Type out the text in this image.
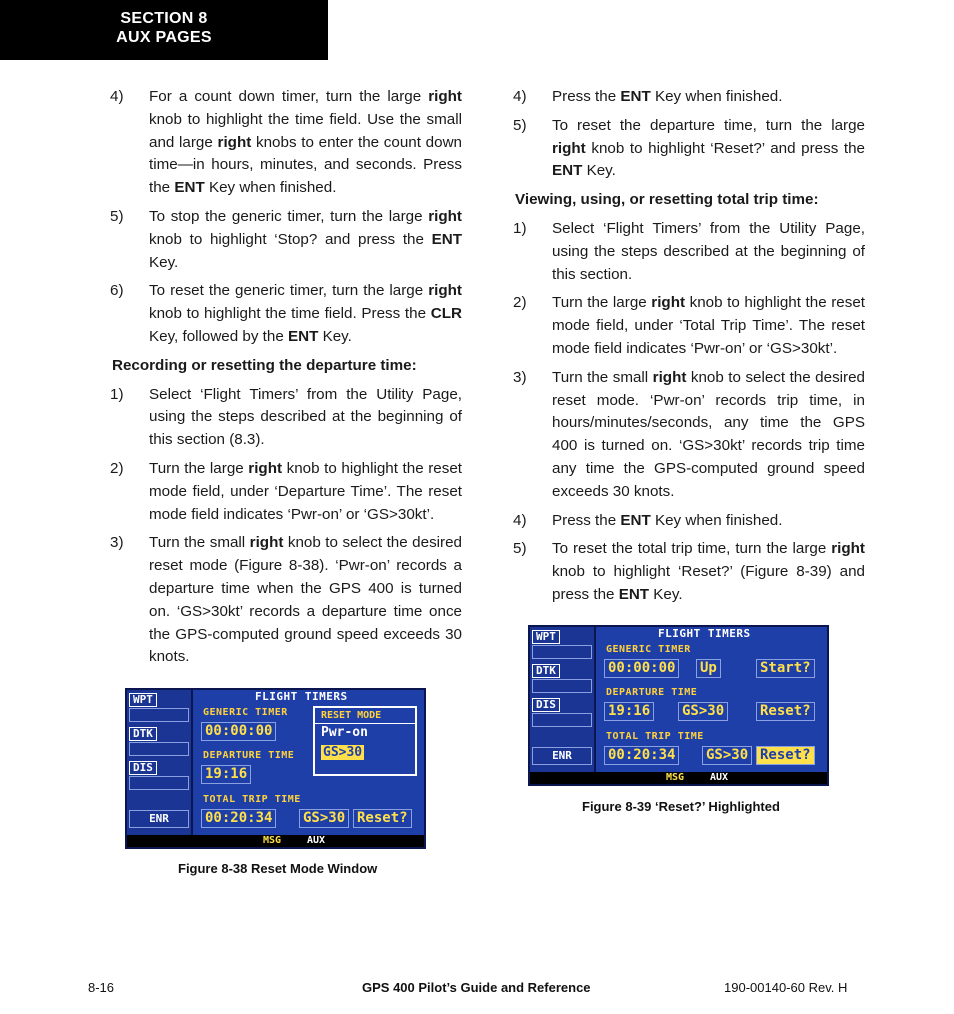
SECTION 8
AUX PAGES
4) For a count down timer, turn the large right knob to highlight the time field. Use the small and large right knobs to enter the count down time—in hours, minutes, and seconds. Press the ENT Key when finished.
5) To stop the generic timer, turn the large right knob to highlight ‘Stop? and press the ENT Key.
6) To reset the generic timer, turn the large right knob to highlight the time field. Press the CLR Key, followed by the ENT Key.
Recording or resetting the departure time:
1) Select ‘Flight Timers’ from the Utility Page, using the steps described at the beginning of this section (8.3).
2) Turn the large right knob to highlight the reset mode field, under ‘Departure Time’. The reset mode field indicates ‘Pwr-on’ or ‘GS>30kt’.
3) Turn the small right knob to select the desired reset mode (Figure 8-38). ‘Pwr-on’ records a departure time when the GPS 400 is turned on. ‘GS>30kt’ records a departure time once the GPS-computed ground speed exceeds 30 knots.
4) Press the ENT Key when finished.
5) To reset the departure time, turn the large right knob to highlight ‘Reset?’ and press the ENT Key.
Viewing, using, or resetting total trip time:
1) Select ‘Flight Timers’ from the Utility Page, using the steps described at the beginning of this section.
2) Turn the large right knob to highlight the reset mode field, under ‘Total Trip Time’. The reset mode field indicates ‘Pwr-on’ or ‘GS>30kt’.
3) Turn the small right knob to select the desired reset mode. ‘Pwr-on’ records trip time, in hours/minutes/seconds, any time the GPS 400 is turned on. ‘GS>30kt’ records trip time any time the GPS-computed ground speed exceeds 30 knots.
4) Press the ENT Key when finished.
5) To reset the total trip time, turn the large right knob to highlight ‘Reset?’ (Figure 8-39) and press the ENT Key.
WPT
DTK
DIS
ENR
FLIGHT TIMERS
GENERIC TIMER
00:00:00
DEPARTURE TIME
19:16
TOTAL TRIP TIME
00:20:34 GS>30 Reset?
RESET MODE
Pwr-on
GS>30
MSG	AUX
Figure 8-38 Reset Mode Window
WPT
DTK
DIS
ENR
FLIGHT TIMERS
GENERIC TIMER
00:00:00 Up	Start?
DEPARTURE TIME
19:16 GS>30	Reset?
TOTAL TRIP TIME
00:20:34 GS>30 Reset?
MSG	AUX
Figure 8-39 ‘Reset?’ Highlighted
8-16	GPS 400 Pilot’s Guide and Reference	190-00140-60 Rev. H
